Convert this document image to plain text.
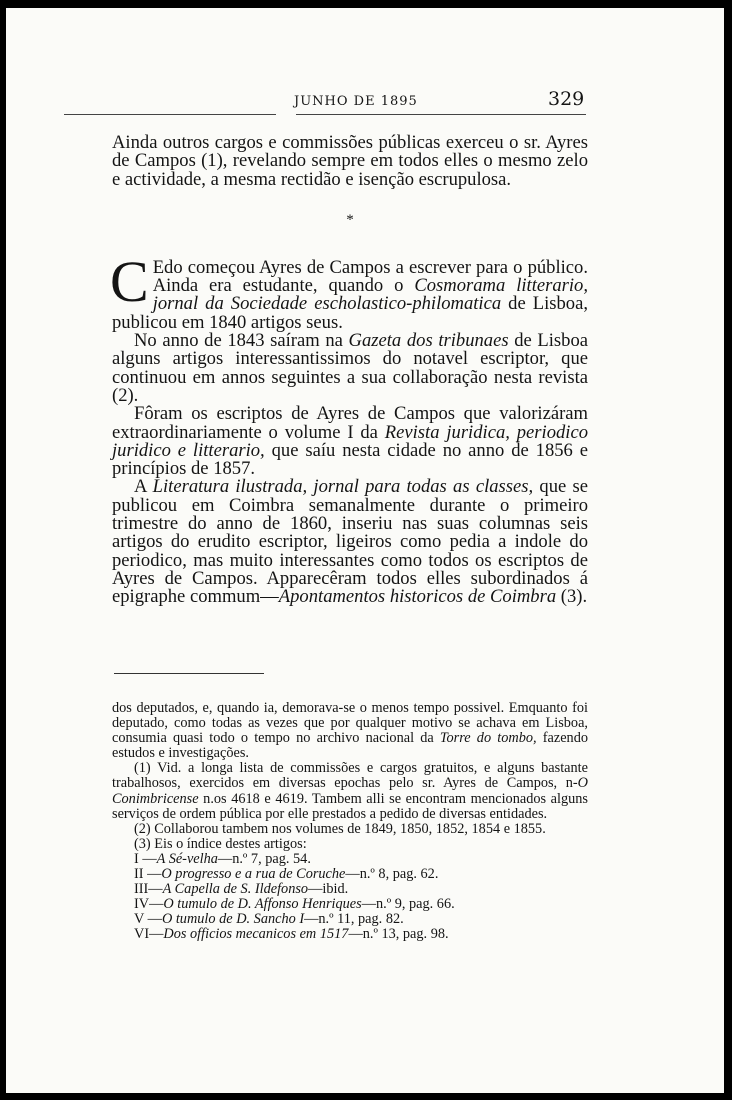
JUNHO DE 1895	329

Ainda outros cargos e commissões públicas exerceu o sr. Ayres de Campos (1), revelando sempre em todos elles o mesmo zelo e actividade, a mesma rectidão e isenção escrupulosa.

*

C Edo começou Ayres de Campos a escrever para o público. Ainda era estudante, quando o Cosmorama litterario, jornal da Sociedade escholastico-philomatica de Lisboa, publicou em 1840 artigos seus.

No anno de 1843 saíram na Gazeta dos tribunaes de Lisboa alguns artigos interessantissimos do notavel escriptor, que continuou em annos seguintes a sua collaboração nesta revista (2).

Fôram os escriptos de Ayres de Campos que valorizáram extraordinariamente o volume I da Revista juridica, periodico juridico e litterario, que saíu nesta cidade no anno de 1856 e princípios de 1857.

A Literatura ilustrada, jornal para todas as classes, que se publicou em Coimbra semanalmente durante o primeiro trimestre do anno de 1860, inseriu nas suas columnas seis artigos do erudito escriptor, ligeiros como pedia a indole do periodico, mas muito interessantes como todos os escriptos de Ayres de Campos. Apparecêram todos elles subordinados á epigraphe commum—Apontamentos historicos de Coimbra (3).

dos deputados, e, quando ia, demorava-se o menos tempo possivel. Emquanto foi deputado, como todas as vezes que por qualquer motivo se achava em Lisboa, consumia quasi todo o tempo no archivo nacional da Torre do tombo, fazendo estudos e investigações.

(1) Vid. a longa lista de commissões e cargos gratuitos, e alguns bastante trabalhosos, exercidos em diversas epochas pelo sr. Ayres de Campos, n-O Conimbricense n.os 4618 e 4619. Tambem alli se encontram mencionados alguns serviços de ordem pública por elle prestados a pedido de diversas entidades.

(2) Collaborou tambem nos volumes de 1849, 1850, 1852, 1854 e 1855.

(3) Eis o índice destes artigos:

I —A Sé-velha—n.º 7, pag. 54.
II —O progresso e a rua de Coruche—n.º 8, pag. 62.
III—A Capella de S. Ildefonso—ibid.
IV—O tumulo de D. Affonso Henriques—n.º 9, pag. 66.
V —O tumulo de D. Sancho I—n.º 11, pag. 82.
VI—Dos officios mecanicos em 1517—n.º 13, pag. 98.
